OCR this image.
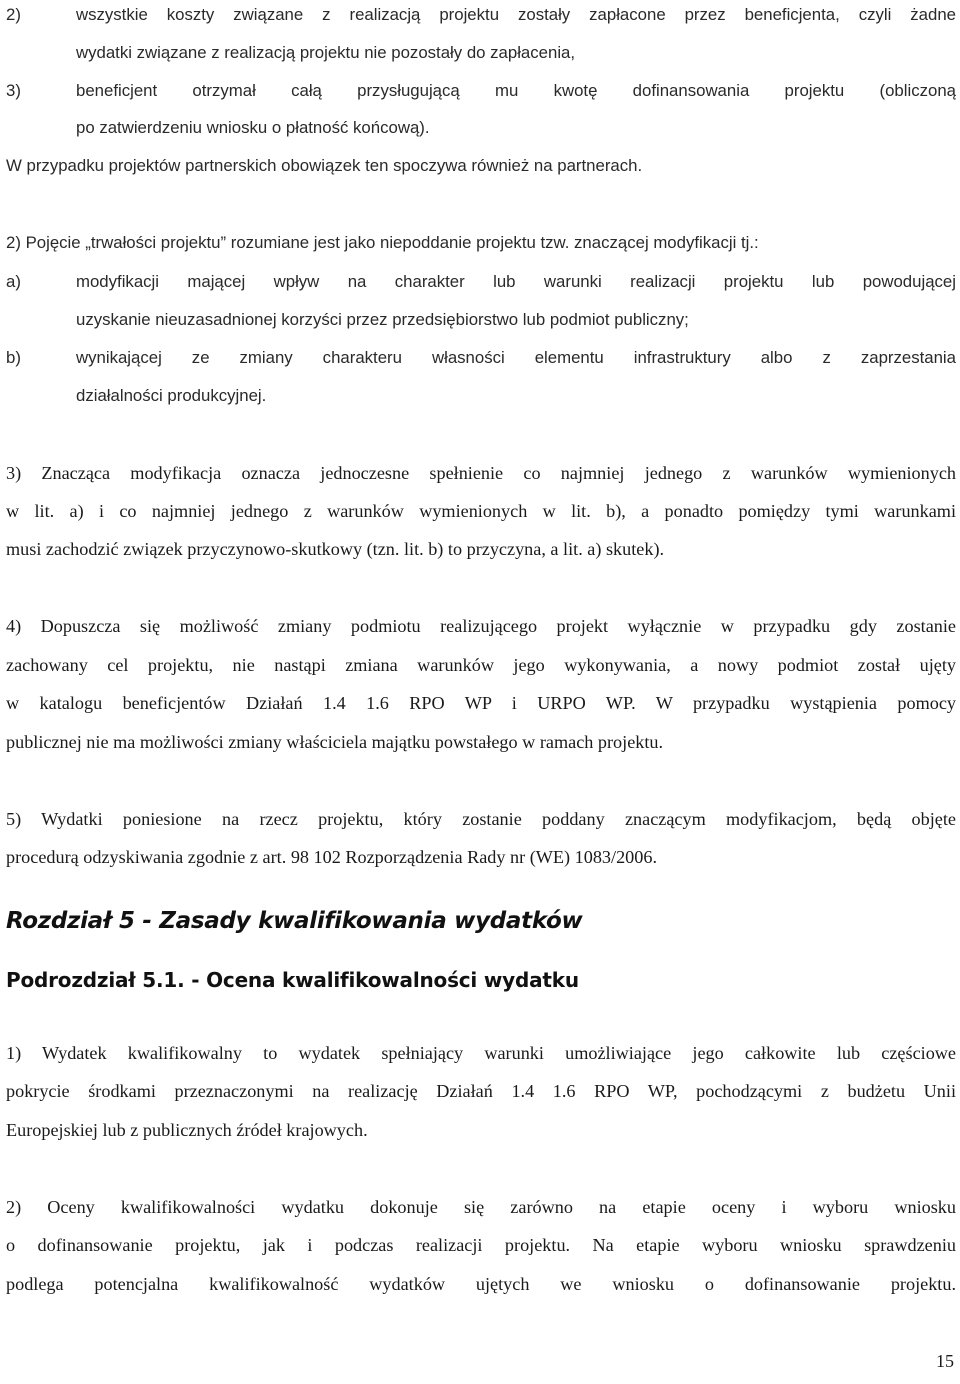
2)	wszystkie koszty związane z realizacją projektu zostały zapłacone przez beneficjenta, czyli żadne
wydatki związane z realizacją projektu nie pozostały do zapłacenia,
3)	beneficjent otrzymał całą przysługującą mu kwotę dofinansowania projektu (obliczoną
po zatwierdzeniu wniosku o płatność końcową).
W przypadku projektów partnerskich obowiązek ten spoczywa również na partnerach.
2) Pojęcie „trwałości projektu” rozumiane jest jako niepoddanie projektu tzw. znaczącej modyfikacji tj.:
a)	modyfikacji mającej wpływ na charakter lub warunki realizacji projektu lub powodującej
uzyskanie nieuzasadnionej korzyści przez przedsiębiorstwo lub podmiot publiczny;
b)	wynikającej ze zmiany charakteru własności elementu infrastruktury albo z zaprzestania
działalności produkcyjnej.
3) Znacząca modyfikacja oznacza jednoczesne spełnienie co najmniej jednego z warunków wymienionych
w lit. a) i co najmniej jednego z warunków wymienionych w lit. b), a ponadto pomiędzy tymi warunkami
musi zachodzić związek przyczynowo-skutkowy (tzn. lit. b) to przyczyna, a lit. a) skutek).
4) Dopuszcza się możliwość zmiany podmiotu realizującego projekt wyłącznie w przypadku gdy zostanie
zachowany cel projektu, nie nastąpi zmiana warunków jego wykonywania, a nowy podmiot został ujęty
w katalogu beneficjentów Działań 1.4 1.6 RPO WP i URPO WP. W przypadku wystąpienia pomocy
publicznej nie ma możliwości zmiany właściciela majątku powstałego w ramach projektu.
5) Wydatki poniesione na rzecz projektu, który zostanie poddany znaczącym modyfikacjom, będą objęte
procedurą odzyskiwania zgodnie z art. 98 102 Rozporządzenia Rady nr (WE) 1083/2006.
Rozdział 5 - Zasady kwalifikowania wydatków
Podrozdział 5.1. - Ocena kwalifikowalności wydatku
1) Wydatek kwalifikowalny to wydatek spełniający warunki umożliwiające jego całkowite lub częściowe
pokrycie środkami przeznaczonymi na realizację Działań 1.4 1.6 RPO WP, pochodzącymi z budżetu Unii
Europejskiej lub z publicznych źródeł krajowych.
2) Oceny kwalifikowalności wydatku dokonuje się zarówno na etapie oceny i wyboru wniosku
o dofinansowanie projektu, jak i podczas realizacji projektu. Na etapie wyboru wniosku sprawdzeniu
podlega potencjalna kwalifikowalność wydatków ujętych we wniosku o dofinansowanie projektu.
15
